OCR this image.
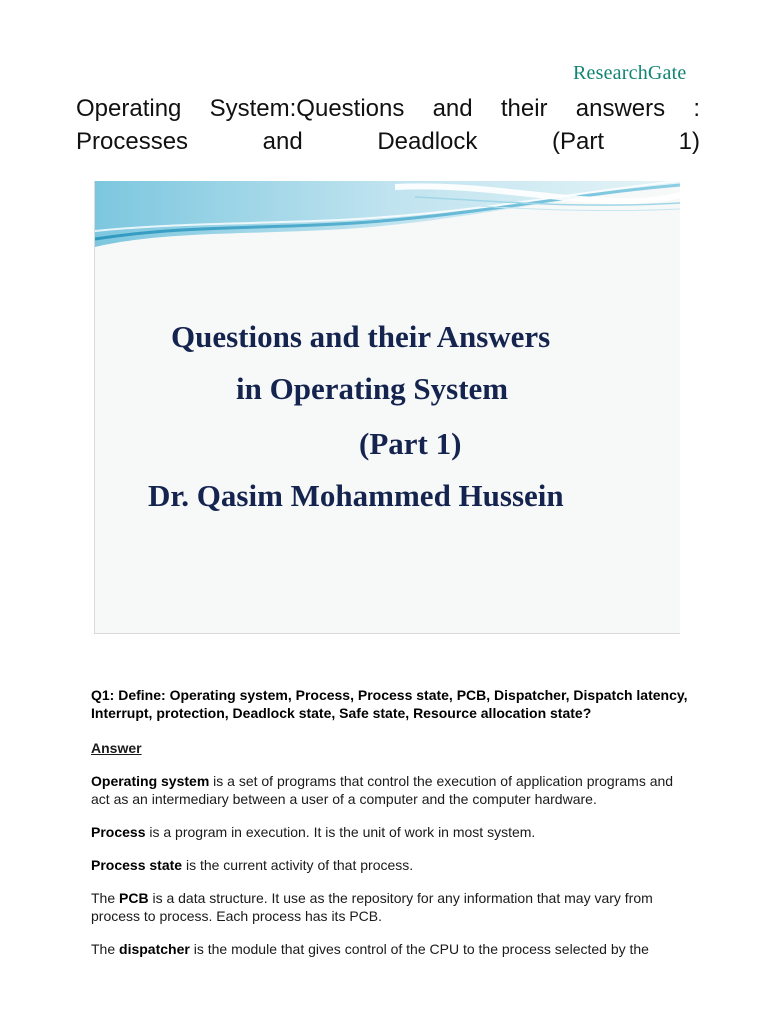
ResearchGate
Operating System:Questions and their answers :
Processes and Deadlock (Part 1)
Questions and their Answers
in Operating System
(Part 1)
Dr. Qasim Mohammed Hussein

Q1: Define: Operating system, Process, Process state, PCB, Dispatcher, Dispatch latency, Interrupt, protection, Deadlock state, Safe state, Resource allocation state?

Answer

Operating system is a set of programs that control the execution of application programs and act as an intermediary between a user of a computer and the computer hardware.

Process is a program in execution. It is the unit of work in most system.

Process state is the current activity of that process.

The PCB is a data structure. It use as the repository for any information that may vary from process to process. Each process has its PCB.

The dispatcher is the module that gives control of the CPU to the process selected by the
